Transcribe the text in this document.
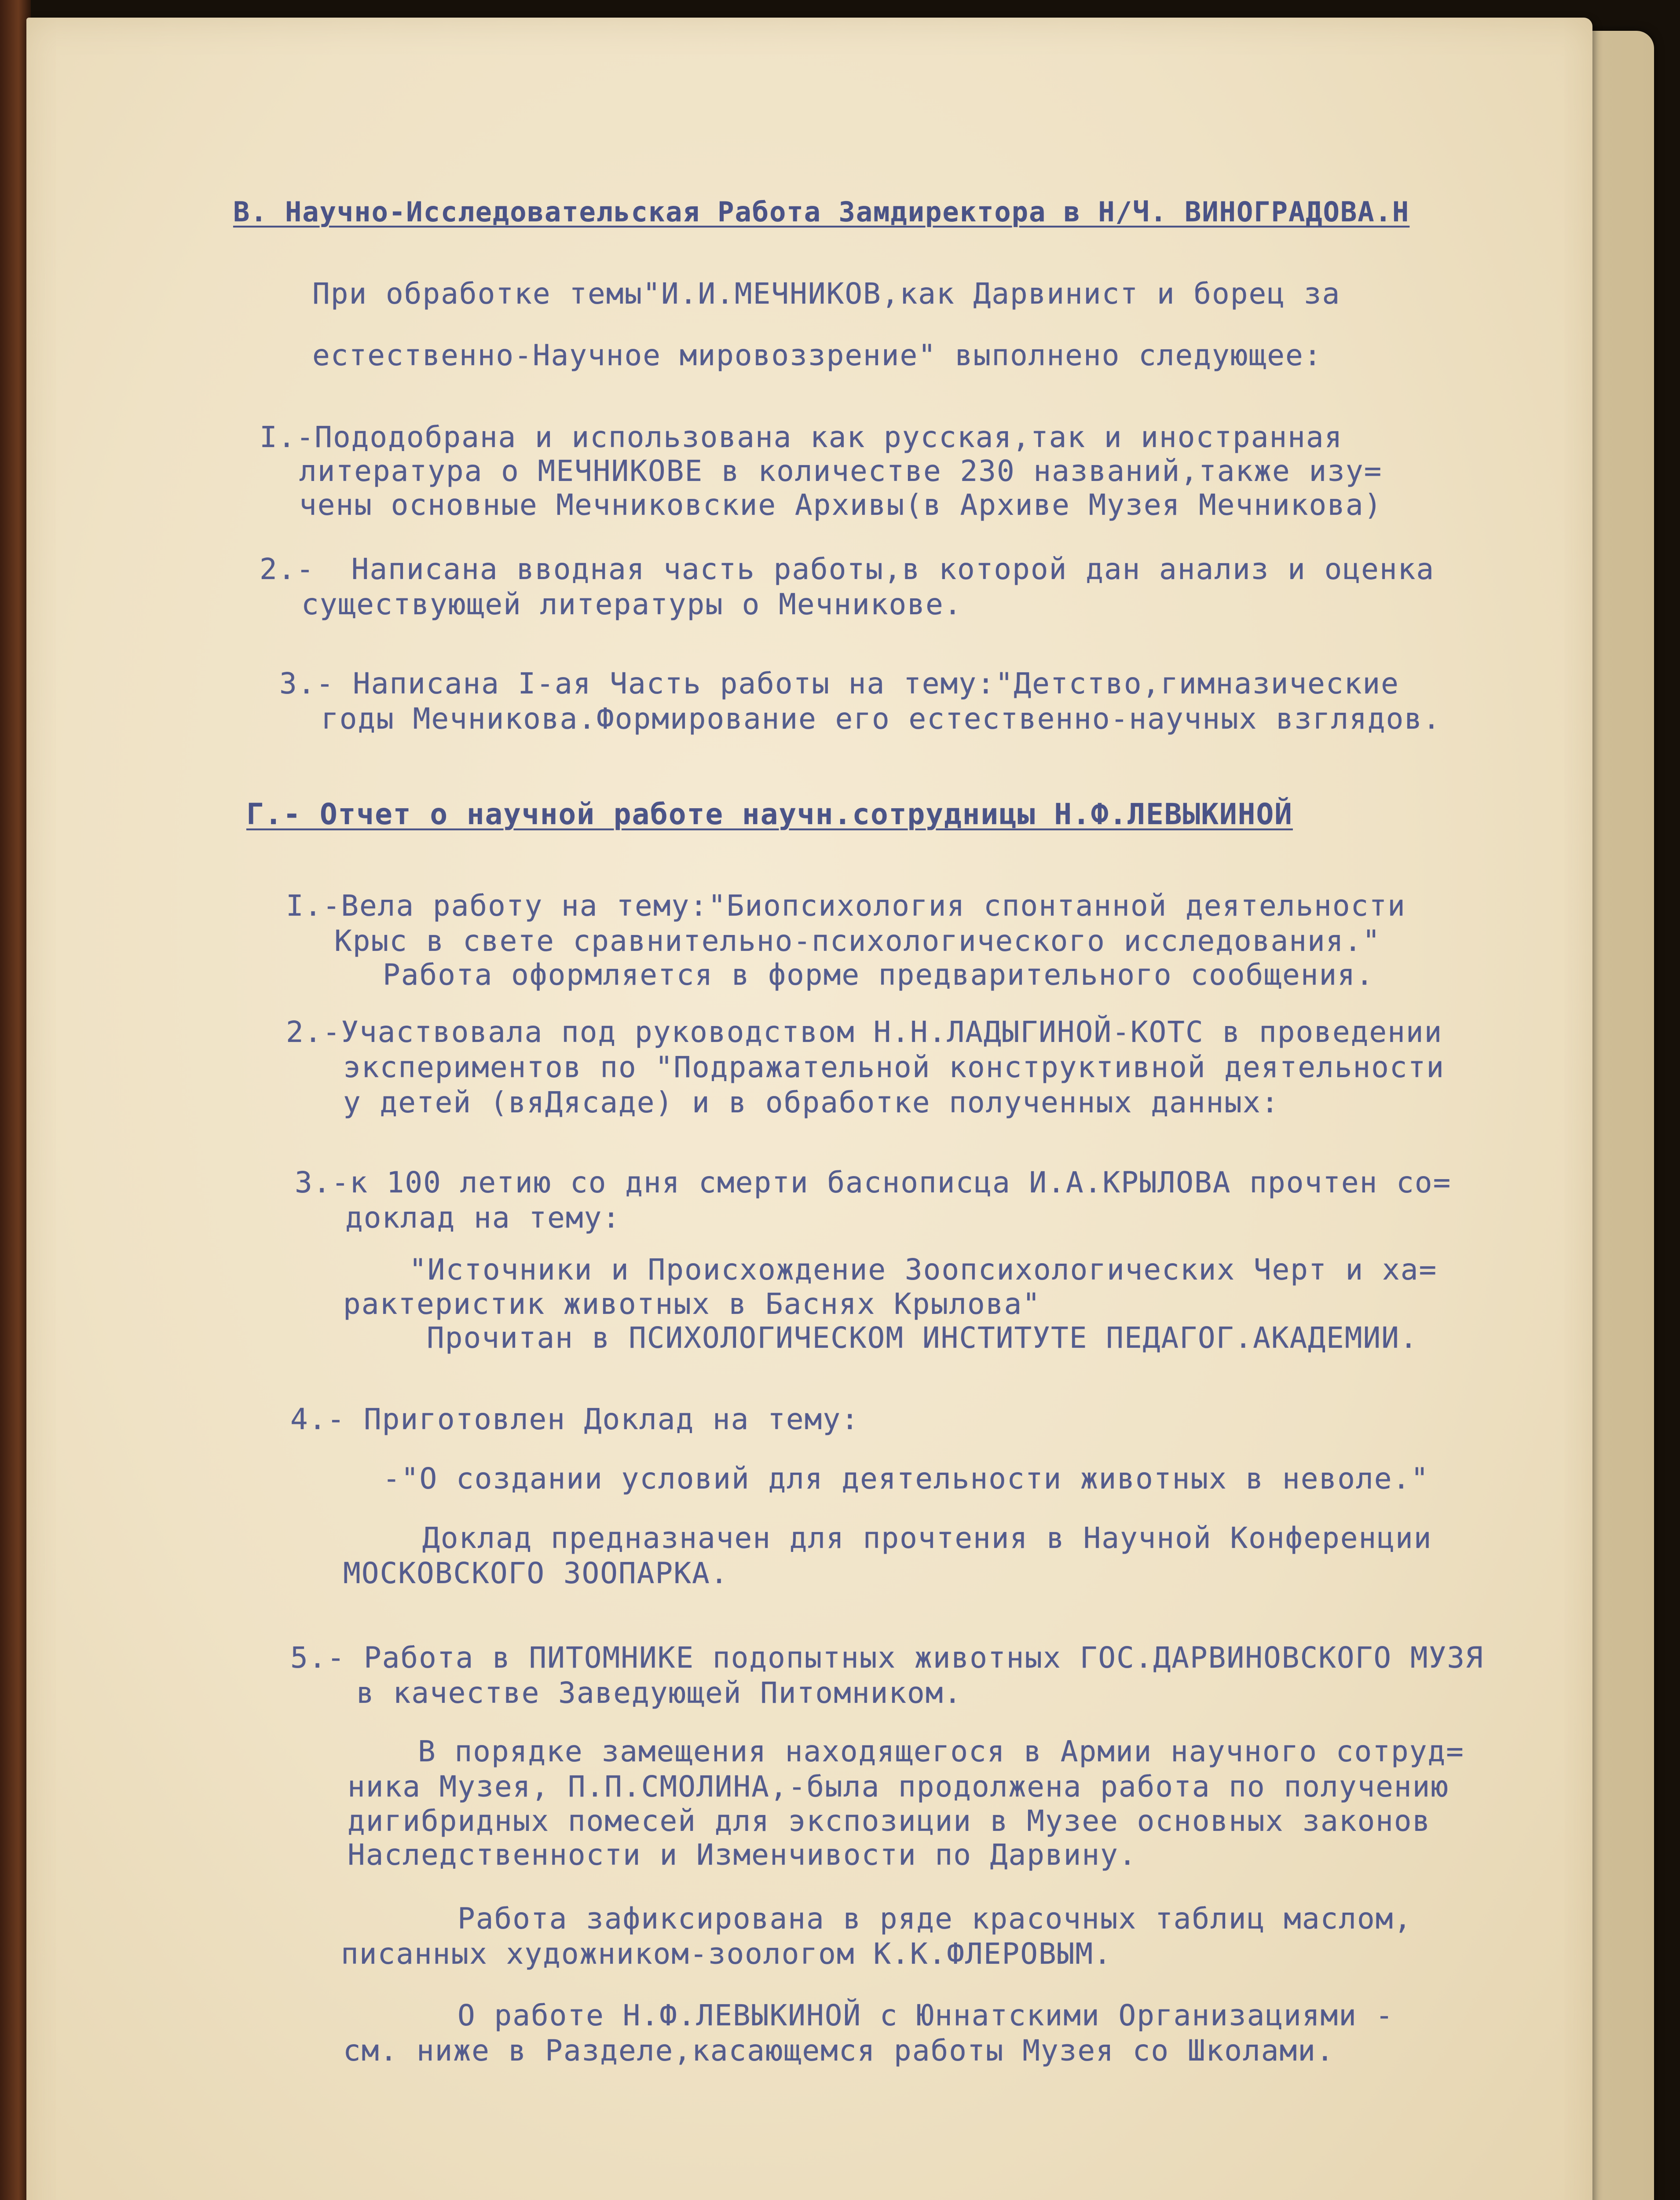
В. Научно-Исследовательская Работа Замдиректора в Н/Ч. ВИНОГРАДОВА.Н
При обработке темы"И.И.МЕЧНИКОВ,как Дарвинист и борец за
естественно-Научное мировоззрение" выполнено следующее:
I.-Пододобрана и использована как русская,так и иностранная
литература о МЕЧНИКОВЕ в количестве 230 названий,также изу=
чены основные Мечниковские Архивы(в Архиве Музея Мечникова)
2.-  Написана вводная часть работы,в которой дан анализ и оценка
существующей литературы о Мечникове.
3.- Написана I-ая Часть работы на тему:"Детство,гимназические
годы Мечникова.Формирование его естественно-научных взглядов.
Г.- Отчет о научной работе научн.сотрудницы Н.Ф.ЛЕВЫКИНОЙ
I.-Вела работу на тему:"Биопсихология спонтанной деятельности
Крыс в свете сравнительно-психологического исследования."
Работа оформляется в форме предварительного сообщения.
2.-Участвовала под руководством Н.Н.ЛАДЫГИНОЙ-КОТС в проведении
экспериментов по "Подражательной конструктивной деятельности
у детей (вяДясаде) и в обработке полученных данных:
3.-к 100 летию со дня смерти баснописца И.А.КРЫЛОВА прочтен со=
доклад на тему:
"Источники и Происхождение Зоопсихологических Черт и ха=
рактеристик животных в Баснях Крылова"
Прочитан в ПСИХОЛОГИЧЕСКОМ ИНСТИТУТЕ ПЕДАГОГ.АКАДЕМИИ.
4.- Приготовлен Доклад на тему:
-"О создании условий для деятельности животных в неволе."
Доклад предназначен для прочтения в Научной Конференции
МОСКОВСКОГО ЗООПАРКА.
5.- Работа в ПИТОМНИКЕ подопытных животных ГОС.ДАРВИНОВСКОГО МУЗЯ
в качестве Заведующей Питомником.
В порядке замещения находящегося в Армии научного сотруд=
ника Музея, П.П.СМОЛИНА,-была продолжена работа по получению
дигибридных помесей для экспозиции в Музее основных законов
Наследственности и Изменчивости по Дарвину.
Работа зафиксирована в ряде красочных таблиц маслом,
писанных художником-зоологом К.К.ФЛЕРОВЫМ.
О работе Н.Ф.ЛЕВЫКИНОЙ с Юннатскими Организациями -
см. ниже в Разделе,касающемся работы Музея со Школами.
